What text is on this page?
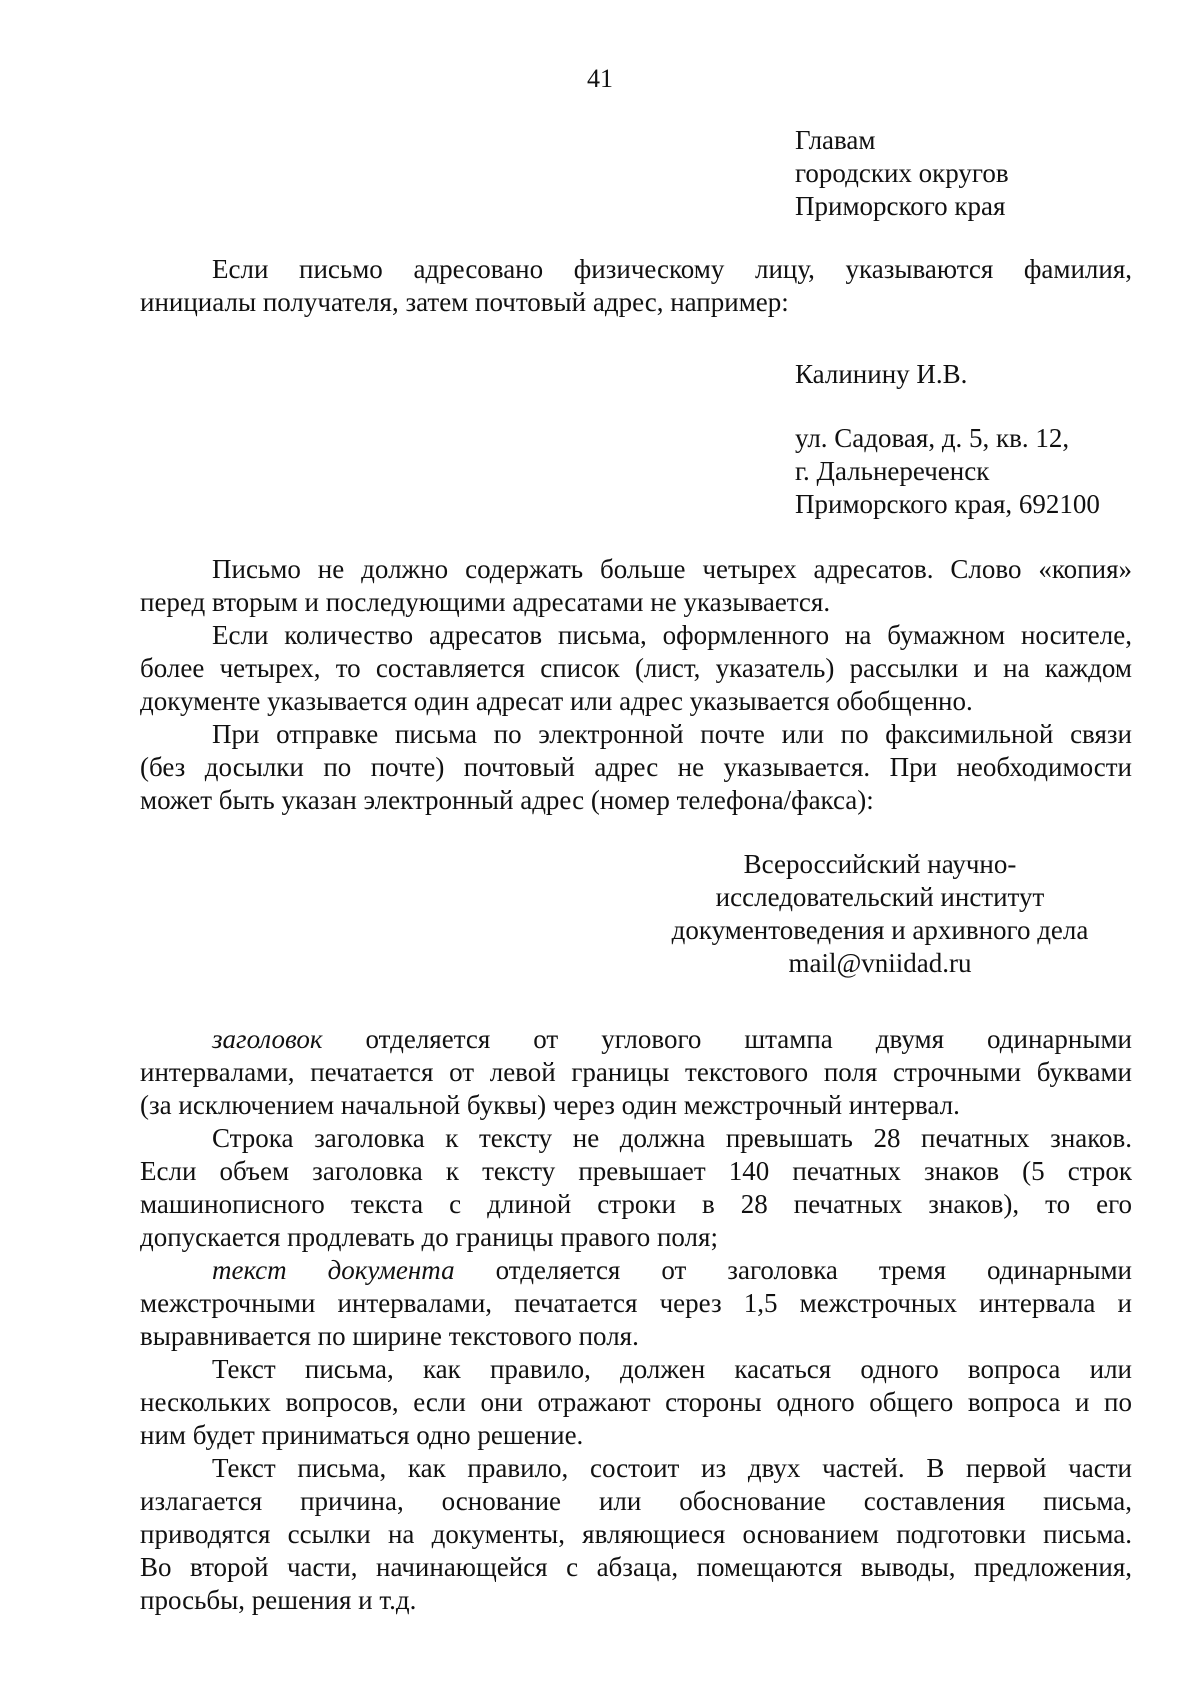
41
Главам
городских округов
Приморского края
Если письмо адресовано физическому лицу, указываются фамилия,
инициалы получателя, затем почтовый адрес, например:
Калинину И.В.
ул. Садовая, д. 5, кв. 12,
г. Дальнереченск
Приморского края, 692100
Письмо не должно содержать больше четырех адресатов. Слово «копия»
перед вторым и последующими адресатами не указывается.
Если количество адресатов письма, оформленного на бумажном носителе,
более четырех, то составляется список (лист, указатель) рассылки и на каждом
документе указывается один адресат или адрес указывается обобщенно.
При отправке письма по электронной почте или по факсимильной связи
(без досылки по почте) почтовый адрес не указывается. При необходимости
может быть указан электронный адрес (номер телефона/факса):
Всероссийский научно-
исследовательский институт
документоведения и архивного дела
mail@vniidad.ru
заголовок отделяется от углового штампа двумя одинарными
интервалами, печатается от левой границы текстового поля строчными буквами
(за исключением начальной буквы) через один межстрочный интервал.
Строка заголовка к тексту не должна превышать 28 печатных знаков.
Если объем заголовка к тексту превышает 140 печатных знаков (5 строк
машинописного текста с длиной строки в 28 печатных знаков), то его
допускается продлевать до границы правого поля;
текст документа отделяется от заголовка тремя одинарными
межстрочными интервалами, печатается через 1,5 межстрочных интервала и
выравнивается по ширине текстового поля.
Текст письма, как правило, должен касаться одного вопроса или
нескольких вопросов, если они отражают стороны одного общего вопроса и по
ним будет приниматься одно решение.
Текст письма, как правило, состоит из двух частей. В первой части
излагается причина, основание или обоснование составления письма,
приводятся ссылки на документы, являющиеся основанием подготовки письма.
Во второй части, начинающейся с абзаца, помещаются выводы, предложения,
просьбы, решения и т.д.
